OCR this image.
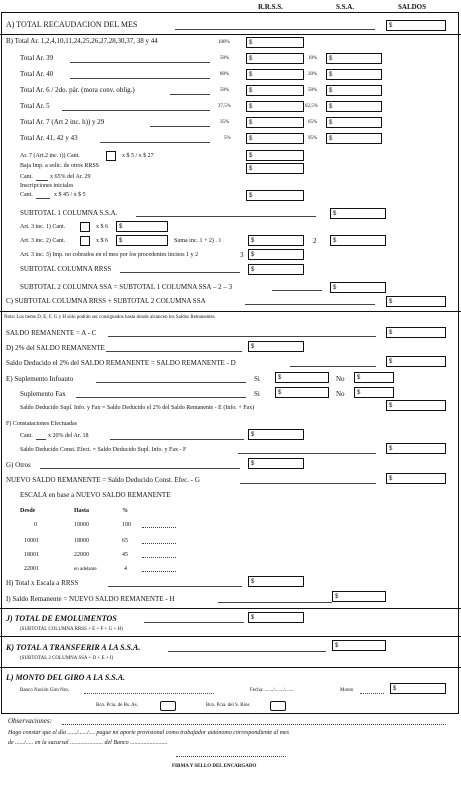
R.R.S.S.	S.S.A.	SALDOS
A) TOTAL RECAUDACION DEL MES	$
B) Total Ar. 1,2,4,10,11,24,25,26,27,28,30,37, 38 y 44	100%	$
Total Ar. 39	50%	$	10% $
Total Ar. 40	80%	$	20% $
Total Ar. 6 / 2do. pár. (mora conv. oblig.)	50%	$	50% $
Total Ar. 5	37,5%	$	62,5% $
Total Ar. 7 (Art 2 inc. h)) y 29	35%	$	65% $
Total Ar. 41, 42 y 43	5%	$	95% $
Ar. 7 (Art.2 inc. i)) Cant.	x $ 5 / x $ 27	$
Baja Imp. a solic. de otros RRSS
Cant.	x 65% del Ar. 29
$
Inscripciones iniciales
Cant.	x $ 45 / x $ 5	$
SUBTOTAL 1 COLUMNA S.S.A.	$
Art. 3 inc. 1) Cant.	x $ 6 $
Art. 3 inc. 2) Cant.	x $ 6 $	Suma inc. 1 + 2) . 1	$	2	$
Art. 3 inc. 3) Imp. no cobrados en el mes por los procedentes incisos 1 y 2	3 $
SUBTOTAL COLUMNA RRSS	$
SUBTOTAL 2 COLUMNA SSA = SUBTOTAL 1 COLUMNA SSA – 2 – 3	$
C) SUBTOTAL COLUMNA RRSS + SUBTOTAL 2 COLUMNA SSA	$
Nota: Los items D, E, F, G y H sólo podrán ser consignados hasta donde alcancen los Saldos Remanentes
SALDO REMANENTE = A - C	$
D) 2% del SALDO REMANENTE	$
Saldo Deducido el 2% del SALDO REMANENTE = SALDO REMANENTE - D	$
E) Suplemento Infoauto	Si	$	No $
Suplemento Fax	Si	$	No $
Saldo Deducido Supl. Info. y Fax = Saldo Deducido el 2% del Saldo Remanente - E (Info. + Fax)	$
F) Constataciones Efectuadas
Cant.	x 20% del Ar. 18	$
Saldo Deducido Const. Efect. = Saldo Deducido Supl. Info. y Fax - F	$
G) Otros	$
NUEVO SALDO REMANENTE = Saldo Deducido Const. Efec. - G	$
ESCALA en base a NUEVO SALDO REMANENTE
Desde	Hasta	%
0	10000	100
10001	18000	65
18001	22000	45
22001	en adelante	4
H) Total x Escala a RRSS	$
I) Saldo Remanente = NUEVO SALDO REMANENTE - H	$
J) TOTAL DE EMOLUMENTOS	$
(SUBTOTAL COLUMNA RRSS + E + F + G + H)
K) TOTAL A TRANSFERIR A LA S.S.A.	$
(SUBTOTAL 2 COLUMNA SSA + D + E + I)
L) MONTO DEL GIRO A LA S.S.A.
Banco Nación Giro Nro.	Fecha: ......./......./.......	Monto	$
Bco. Pcia. de Bs. As.	Bco. Pcia. del S. Ríos
Observaciones:
Hago constar que el día ....../....../.... pague mi aporte provisional como trabajador autónomo correspondiente al mes
de ....../..... en la sucursal ...................... del Banco .........................
FIRMA Y SELLO DEL ENCARGADO
